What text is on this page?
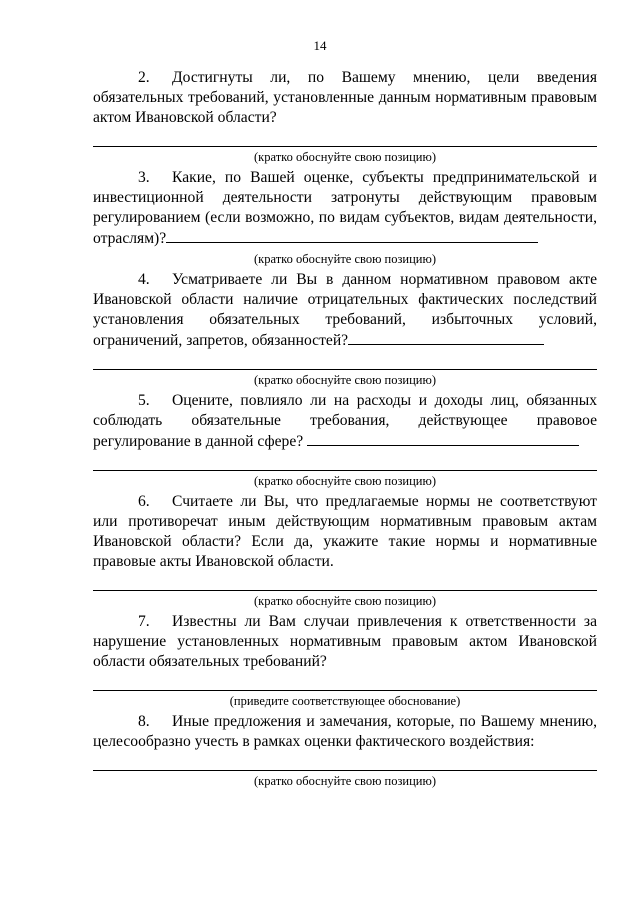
14

2. Достигнуты ли, по Вашему мнению, цели введения обязательных требований, установленные данным нормативным правовым актом Ивановской области?

(кратко обоснуйте свою позицию)

3. Какие, по Вашей оценке, субъекты предпринимательской и инвестиционной деятельности затронуты действующим правовым регулированием (если возможно, по видам субъектов, видам деятельности, отраслям)?

(кратко обоснуйте свою позицию)

4. Усматриваете ли Вы в данном нормативном правовом акте Ивановской области наличие отрицательных фактических последствий установления обязательных требований, избыточных условий, ограничений, запретов, обязанностей?

(кратко обоснуйте свою позицию)

5. Оцените, повлияло ли на расходы и доходы лиц, обязанных соблюдать обязательные требования, действующее правовое регулирование в данной сфере?

(кратко обоснуйте свою позицию)

6. Считаете ли Вы, что предлагаемые нормы не соответствуют или противоречат иным действующим нормативным правовым актам Ивановской области? Если да, укажите такие нормы и нормативные правовые акты Ивановской области.

(кратко обоснуйте свою позицию)

7. Известны ли Вам случаи привлечения к ответственности за нарушение установленных нормативным правовым актом Ивановской области обязательных требований?

(приведите соответствующее обоснование)

8. Иные предложения и замечания, которые, по Вашему мнению, целесообразно учесть в рамках оценки фактического воздействия:

(кратко обоснуйте свою позицию)
